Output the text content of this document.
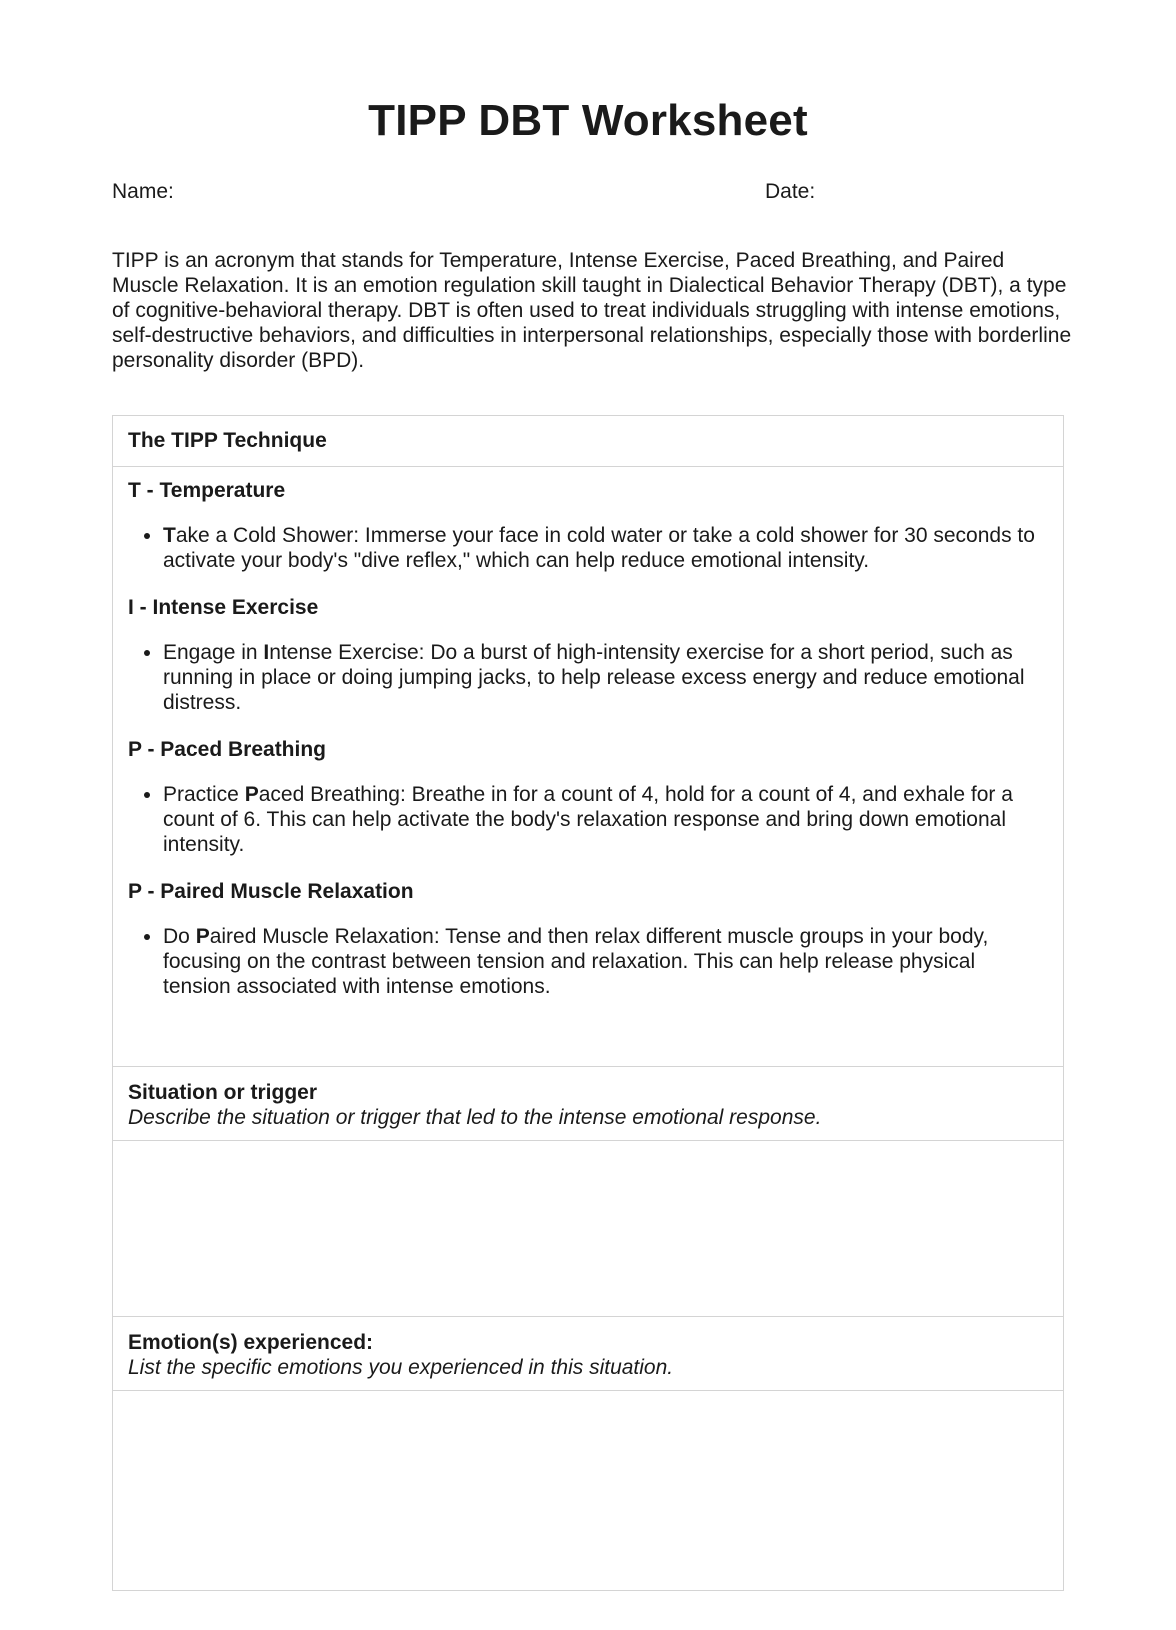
TIPP DBT Worksheet
Name:	Date:

TIPP is an acronym that stands for Temperature, Intense Exercise, Paced Breathing, and Paired Muscle Relaxation. It is an emotion regulation skill taught in Dialectical Behavior Therapy (DBT), a type of cognitive-behavioral therapy. DBT is often used to treat individuals struggling with intense emotions, self-destructive behaviors, and difficulties in interpersonal relationships, especially those with borderline personality disorder (BPD).

The TIPP Technique
T - Temperature
• Take a Cold Shower: Immerse your face in cold water or take a cold shower for 30 seconds to activate your body's "dive reflex," which can help reduce emotional intensity.
I - Intense Exercise
• Engage in Intense Exercise: Do a burst of high-intensity exercise for a short period, such as running in place or doing jumping jacks, to help release excess energy and reduce emotional distress.
P - Paced Breathing
• Practice Paced Breathing: Breathe in for a count of 4, hold for a count of 4, and exhale for a count of 6. This can help activate the body's relaxation response and bring down emotional intensity.
P - Paired Muscle Relaxation
• Do Paired Muscle Relaxation: Tense and then relax different muscle groups in your body, focusing on the contrast between tension and relaxation. This can help release physical tension associated with intense emotions.
Situation or trigger
Describe the situation or trigger that led to the intense emotional response.
Emotion(s) experienced:
List the specific emotions you experienced in this situation.
